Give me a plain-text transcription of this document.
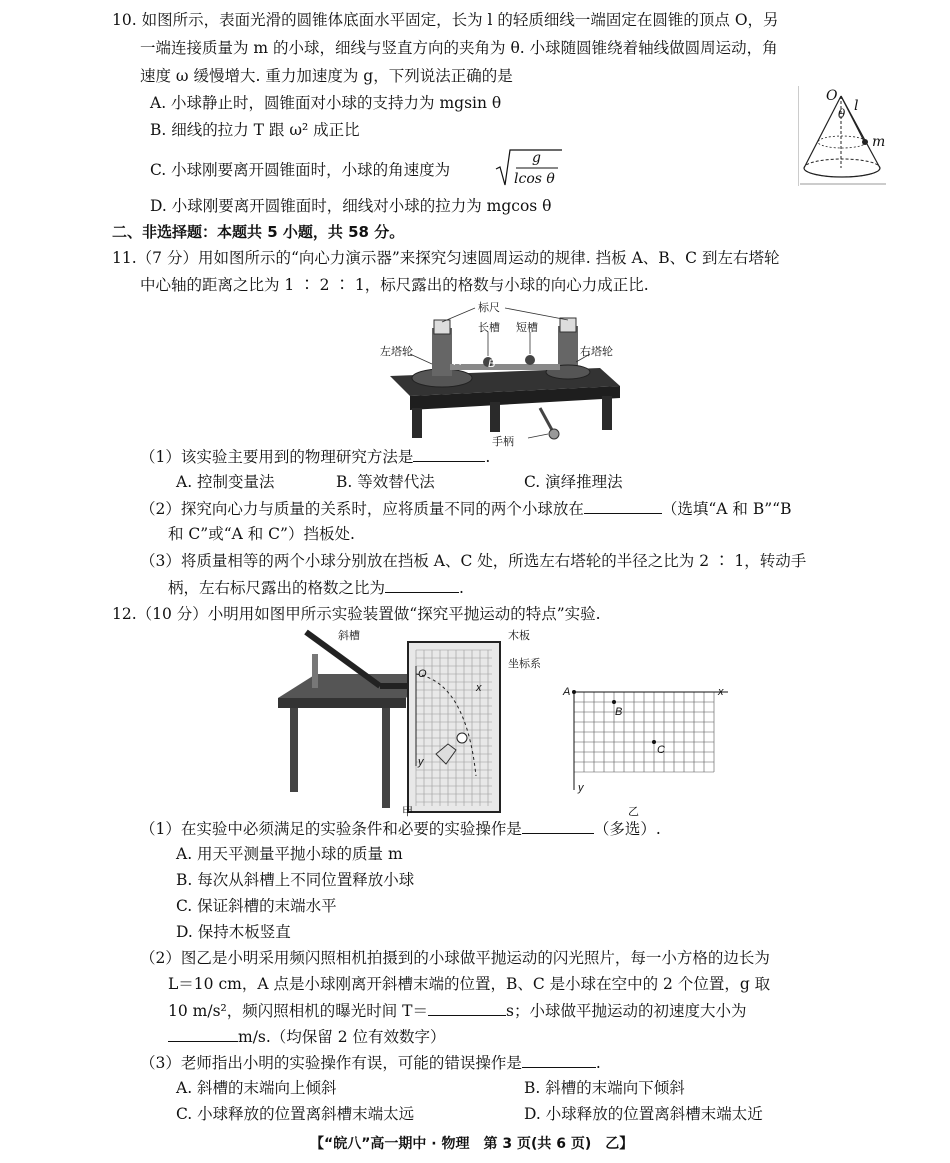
10. 如图所示，表面光滑的圆锥体底面水平固定，长为 l 的轻质细线一端固定在圆锥的顶点 O，另
一端连接质量为 m 的小球，细线与竖直方向的夹角为 θ. 小球随圆锥绕着轴线做圆周运动，角
速度 ω 缓慢增大. 重力加速度为 g，下列说法正确的是
A. 小球静止时，圆锥面对小球的支持力为 mgsin θ
B. 细线的拉力 T 跟 ω² 成正比
C. 小球刚要离开圆锥面时，小球的角速度为
g
lcos θ
D. 小球刚要离开圆锥面时，细线对小球的拉力为 mgcos θ
O
θ l
m
二、非选择题：本题共 5 小题，共 58 分。
11.（7 分）用如图所示的“向心力演示器”来探究匀速圆周运动的规律. 挡板 A、B、C 到左右塔轮
中心轴的距离之比为 1 ∶ 2 ∶ 1，标尺露出的格数与小球的向心力成正比.
标尺
长槽 短槽
左塔轮	右塔轮
手柄
A B	C
（1）该实验主要用到的物理研究方法是	.
A. 控制变量法	B. 等效替代法	C. 演绎推理法
（2）探究向心力与质量的关系时，应将质量不同的两个小球放在	（选填“A 和 B”“B
和 C”或“A 和 C”）挡板处.
（3）将质量相等的两个小球分别放在挡板 A、C 处，所选左右塔轮的半径之比为 2 ∶ 1，转动手
柄，左右标尺露出的格数之比为	.
12.（10 分）小明用如图甲所示实验装置做“探究平抛运动的特点”实验.
斜槽	木板
坐标系
O
x
y
甲
A
B
C
x
y
乙
（1）在实验中必须满足的实验条件和必要的实验操作是	（多选）.
A. 用天平测量平抛小球的质量 m
B. 每次从斜槽上不同位置释放小球
C. 保证斜槽的末端水平
D. 保持木板竖直
（2）图乙是小明采用频闪照相机拍摄到的小球做平抛运动的闪光照片，每一小方格的边长为
L＝10 cm，A 点是小球刚离开斜槽末端的位置，B、C 是小球在空中的 2 个位置，g 取
10 m/s²，频闪照相机的曝光时间 T＝	s；小球做平抛运动的初速度大小为
m/s.（均保留 2 位有效数字）
（3）老师指出小明的实验操作有误，可能的错误操作是	.
A. 斜槽的末端向上倾斜	B. 斜槽的末端向下倾斜
C. 小球释放的位置离斜槽末端太远	D. 小球释放的位置离斜槽末端太近
【“皖八”高一期中 · 物理　第 3 页(共 6 页)　乙】
